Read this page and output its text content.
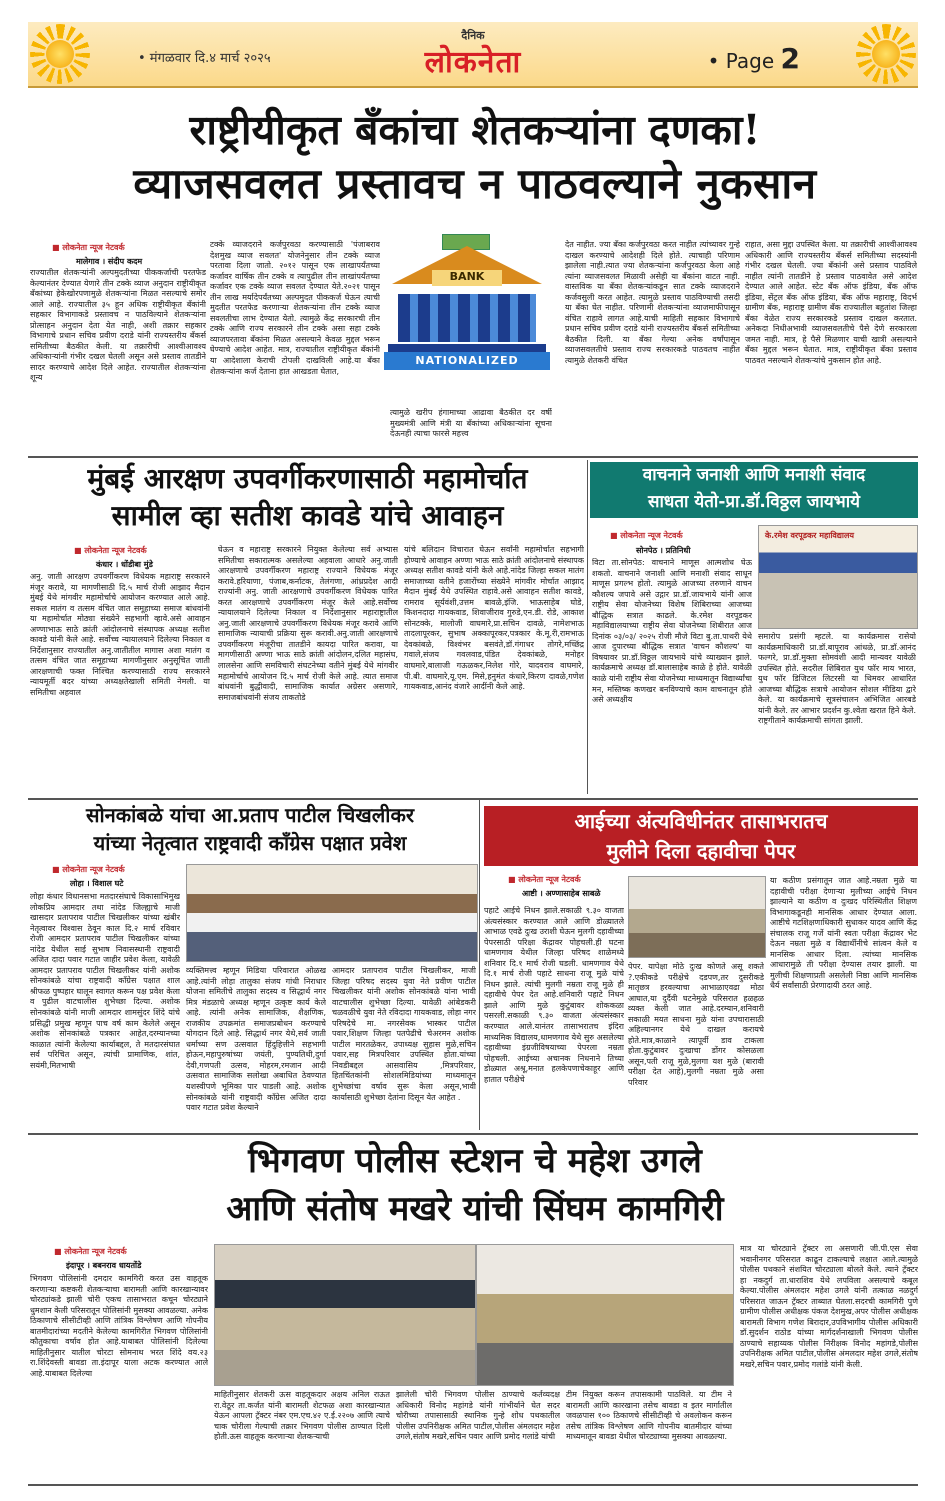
• मंगळवार दि.४ मार्च २०२५
दैनिक
लोकनेता	• Page 2
राष्ट्रीयीकृत बँकांचा शेतकऱ्यांना दणका!
व्याजसवलत प्रस्तावच न पाठवल्याने नुकसान
■ लोकनेता न्यूज नेटवर्क
मालेगाव । संदीप कदम
राज्यातील शेतकऱ्यांनी अल्पमुदतीच्या पीककर्जाची परतफेड केल्यानंतर देण्यात येणारे तीन टक्के व्याज अनुदान राष्ट्रीयीकृत बँकांच्या हेकेखोरपणामुळे शेतकऱ्यांना मिळत नसल्याचे समोर आले आहे. राज्यातील ३५ हून अधिक राष्ट्रीयीकृत बँकांनी सहकार विभागाकडे प्रस्तावच न पाठविल्याने शेतकऱ्यांना प्रोत्साहन अनुदान देता येत नाही, अशी तक्रार सहकार विभागाचे प्रधान सचिव प्रवीण दराडे यांनी राज्यस्तरीय बँकर्स समितीच्या बैठकीत केली. या तक्रारीची आश्वीआवश्य अधिकाऱ्यांनी गंभीर दखल घेतली असून असे प्रस्ताव तातडीने सादर करण्याचे आदेश दिले आहेत. राज्यातील शेतकऱ्यांना शून्य
टक्के व्याजदराने कर्जपुरवठा करण्यासाठी 'पंजाबराव देशमुख व्याज सवलत' योजनेनुसार तीन टक्के व्याज परतावा दिला जातो. २०१२ पासून एक लाखापर्यंतच्या कर्जावर वार्षिक तीन टक्के व त्यापुढील तीन लाखांपर्यंतच्या कर्जावर एक टक्के व्याज सवलत देण्यात येते.२०२१ पासून तीन लाख मर्यादेपर्यंतच्या अल्पमुदत पीककर्ज घेऊन त्याची मुदतीत परतफेड करणाऱ्या शेतकऱ्यांना तीन टक्के व्याज सवलतीचा लाभ देण्यात येतो. त्यामुळे केंद्र सरकारची तीन टक्के आणि राज्य सरकारने तीन टक्के असा सहा टक्के व्याजपरतावा बँकांना मिळत असल्याने केवळ मुद्दल भरून घेण्याचे आदेश आहेत. मात्र, राज्यातील राष्ट्रीयीकृत बँकांनी या आदेशाला केराची टोपली दाखविली आहे.या बँका शेतकऱ्यांना कर्ज देताना हात आखडता घेतात,
BANK
NATIONALIZED
त्यामुळे खरीप हंगामाच्या आढावा बैठकीत दर वर्षी मुख्यमंत्री आणि मंत्री या बँकांच्या अधिकाऱ्यांना सूचना देऊनही त्याचा फारसे महत्त्व
देत नाहीत. ज्या बँका कर्जपुरवठा करत नाहीत त्यांच्यावर गुन्हे दाखल करण्याचे आदेशही दिले होते. त्याचाही परिणाम झालेला नाही.त्यात ज्या शेतकऱ्यांना कर्जपुरवठा केला आहे त्यांना व्याजसवलत मिळावी असेही या बँकांना वाटत नाही. वास्तविक या बँका शेतकऱ्यांकडून सात टक्के व्याजदराने कर्जवसुली करत आहेत. त्यामुळे प्रस्ताव पाठविण्याची तसदी या बँका घेत नाहीत. परिणामी शेतकऱ्यांना व्याजमाफीपासून वंचित राहावे लागत आहे.याची माहिती सहकार विभागाचे प्रधान सचिव प्रवीण दराडे यांनी राज्यस्तरीय बँकर्स समितीच्या बैठकीत दिली. या बँका गेल्या अनेक वर्षांपासून व्याजसवलतीचे प्रस्ताव राज्य सरकारकडे पाठवतच नाहीत त्यामुळे शेतकरी वंचित
राहात, असा मुद्दा उपस्थित केला. या तक्रारीची आश्वीआवश्य अधिकारी आणि राज्यस्तरीय बँकर्स समितीच्या सदस्यांनी गंभीर दखल घेतली. ज्या बँकांनी असे प्रस्ताव पाठविले नाहीत त्यांनी तातडीने हे प्रस्ताव पाठवावेत असे आदेश देण्यात आले आहेत. स्टेट बँक ऑफ इंडिया, बँक ऑफ इंडिया, सेंट्रल बँक ऑफ इंडिया, बँक ऑफ महाराष्ट्र, विदर्भ ग्रामीण बँक, महाराष्ट्र ग्रामीण बँक राज्यातील बहुतांश जिल्हा बँका वेळेत राज्य सरकारकडे प्रस्ताव दाखल करतात. अनेकदा निधीअभावी व्याजसवलतीचे पैसे देणे सरकारला जमत नाही. मात्र, हे पैसे मिळणार याची खात्री असल्याने बँका मुद्दल भरून घेतात. मात्र, राष्ट्रीयीकृत बँका प्रस्ताव पाठवत नसल्याने शेतकऱ्यांचे नुकसान होत आहे.
मुंबई आरक्षण उपवर्गीकरणासाठी महामोर्चात
सामील व्हा सतीश कावडे यांचे आवाहन
■ लोकनेता न्यूज नेटवर्क
कंधार । धोंडीबा मुंडे
अनु. जाती आरक्षण उपवर्गीकरण विधेयक महाराष्ट्र सरकारने मंजूर करावे, या मागणीसाठी दि.५ मार्च रोजी आझाद मैदान मुंबई येथे मांगवीर महामोर्चाचे आयोजन करण्यात आले आहे. सकल मातंग व तत्सम वंचित जात समूहाच्या समाज बांधवांनी या महामोर्चात मोठ्या संख्येने सहभागी व्हावे.असे आवाहन अण्णाभाऊ साठे क्रांती आंदोलनाचे संस्थापक अध्यक्ष सतीश कावडे यांनी केले आहे. सर्वोच्च न्यायालयाने दिलेल्या निकाल व निर्देशानुसार राज्यातील अनु.जातीतील मागास अशा मातंग व तत्सम वंचित जात समूहाच्या मागणीनुसार अनुसूचित जाती आरक्षणाची फक्त निश्चित करण्यासाठी राज्य सरकारने न्यायमूर्ती बदर यांच्या अध्यक्षतेखाली समिती नेमली. या समितीचा अहवाल
घेऊन व महाराष्ट्र सरकारने नियुक्त केलेल्या सर्व अभ्यास समितीचा सकारात्मक असलेल्या अहवाला आधारे अनु.जाती आरक्षणाचे उपवर्गीकरण महाराष्ट्र राज्याने विधेयक मंजूर करावे.हरियाणा, पंजाब,कर्नाटक, तेलंगणा, आंध्रप्रदेश आदी राज्यांनी अनु. जाती आरक्षणाचे उपवर्गीकरण विधेयक पारित करत आरक्षणाचे उपवर्गीकरण मंजूर केले आहे.सर्वोच्च न्यायालयाने दिलेल्या निकाल व निर्देशानुसार महाराष्ट्रातील अनु.जाती आरक्षणाचे उपवर्गीकरण विधेयक मंजूर करावे आणि सामाजिक न्यायाची प्रक्रिया सुरू करावी.अनु.जाती आरक्षणाचे उपवर्गीकरण मंजूरीचा तातडीने कायदा पारित करावा, या मागणीसाठी अण्णा भाऊ साठे क्रांती आंदोलन,दलित महासंघ, लालसेना आणि समविचारी संघटनेच्या वतीने मुंबई येथे मांगवीर महामोर्चाचे आयोजन दि.५ मार्च रोजी केले आहे. त्यात समाज बांधवांनी बुद्धीवादी, सामाजिक कार्यात अग्रेसर असणारे, समाजबांधवांनी संजय ताकतोडे
यांचे बलिदान विचारात घेऊन सर्वांनी महामोर्चात सहभागी होण्याचे आवाहन अण्णा भाऊ साठे क्रांती आंदोलनाचे संस्थापक अध्यक्ष सतीश कावडे यांनी केले आहे.नांदेड जिल्हा सकल मातंग समाजाच्या वतीने हजारोंच्या संख्येने मांगवीर मोर्चात आझाद मैदान मुंबई येथे उपस्थित राहावे.असे आवाहन सतीश कावडे, रामराव सूर्यवंशी,उत्तम बावळे,इंजि. भाऊसाहेब घोडे, किशनदादा गायकवाड, शिवाजीराव गुरुडे,एन.डी. रोडे, आकाश सोनटक्के, मालोजी वाघमारे,प्रा.सचिन दावळे, नामेशभाऊ तादलापूरकर, सुभाष अक्कापूरकर,पत्रकार के.मू.री,रामभाऊ देवकांबळे, विश्वंभर बसवंते,डॉ.गंगाधर तोगरे,मच्छिंद्र गवाले,संजय गवलवाड,पंडित देवकांबळे, मनोहर वाघमारे,बालाजी गऊळकर,निलेश गोरे, यादवराव वाघमारे, पी.बी. वाघमारे,यू.एम. मिसे,हनुमंत कंधारे,किरण दावळे,गणेश गायकवाड,आनंद वंजारे आदींनी केले आहे.
वाचनाने जनाशी आणि मनाशी संवाद
साधता येतो-प्रा.डॉ.विठ्ठल जायभाये
■ लोकनेता न्यूज नेटवर्क
सोनपेठ । प्रतिनिधी
विटा ता.सोनपेठ: वाचनाने माणूस आत्मशोध घेऊ शकतो. वाचनाने जनाशी आणि मनाशी संवाद साधून माणूस प्रगल्भ होतो. त्यामुळे आजच्या तरुणाने वाचन कौशल्य जपावे असे उद्गार प्रा.डॉ.जायभाये यांनी आज राष्ट्रीय सेवा योजनेच्या विशेष शिबिराच्या आजच्या बौद्धिक सत्रात काढले. के.रमेश वरपूडकर महाविद्यालयाच्या राष्ट्रीय सेवा योजनेच्या शिबीरात आज दिनांक ०३/०३/ २०२५ रोजी मौजे विटा बु.ता.पाथरी येथे आज दुपारच्या बौद्धिक सत्रात 'वाचन कौशल्य' या विषयावर प्रा.डॉ.विठ्ठल जायभाये यांचे व्याख्यान झाले. कार्यक्रमाचे अध्यक्ष डॉ.बालासाहेब काळे हे होते. यावेळी काळे यांनी राष्ट्रीय सेवा योजनेच्या माध्यमातून विद्यार्थ्यांचा मन, मस्तिष्क कणखर बनविण्याचे काम वाचनातून होते असे अध्यक्षीय
के.रमेश वरपूडकर महाविद्यालय
समारोप प्रसंगी म्हटले. या कार्यक्रमास रासेयो कार्यक्रमाधिकारी प्रा.डॉ.बापूराव आंधळे, प्रा.डॉ.आनंद फल्गरे, प्रा.डॉ.मुक्ता सोमवंशी आदी मान्यवर यावेळी उपस्थित होते. सदरील शिबिरात युथ फॉर माय भारत, युथ फॉर डिजिटल लिटरसी या थिमवर आधारित आजच्या बौद्धिक सत्राचे आयोजन सोशल मीडिया द्वारे केले. या कार्यक्रमाचे सूत्रसंचालन अभिजित आरबडे यांनी केले. तर आभार प्रदर्शन कु.श्वेता खरात हिने केले. राष्ट्रगीताने कार्यक्रमाची सांगता झाली.
सोनकांबळे यांचा आ.प्रताप पाटील चिखलीकर
यांच्या नेतृत्वात राष्ट्रवादी काँग्रेस पक्षात प्रवेश
■ लोकनेता न्यूज नेटवर्क
लोहा । विशाल घटे
लोहा कंधार विधानसभा मतदारसंघाचे विकासाभिमुख लोकप्रिय आमदार तथा नांदेड जिल्ह्याचे माजी खासदार प्रतापराव पाटील चिखलीकर यांच्या खंबीर नेतृत्वावर विश्वास ठेवून काल दि.२ मार्च रविवार रोजी आमदार प्रतापराव पाटील चिखलीकर यांच्या नांदेड येथील साई सुभाष निवासस्थानी राष्ट्रवादी अजित दादा पवार गटात जाहीर प्रवेश केला, यावेळी आमदार प्रतापराव पाटील चिखलीकर यांनी अशोक सोनकांबळे यांचा राष्ट्रवादी काँग्रेस पक्षात शाल श्रीफळ पुष्पहार घालून स्वागत करून पक्ष प्रवेश केला व पुढील वाटचालीस शुभेच्छा दिल्या. अशोक सोनकांबळे यांनी माजी आमदार शामसुंदर शिंदे यांचे प्रसिद्धी प्रमुख म्हणून पाच वर्ष काम केलेले असून अशोक सोनकांबळे पत्रकार आहेत,दरम्यानच्या काळात त्यांनी केलेल्या कार्याबद्दल, ते मतदारसंघात सर्व परिचित असून, त्यांची प्रामाणिक, शांत, सयंमी,मितभाषी
व्यक्तिमत्त्व म्हणून मिडिया परिवारात ओळख आहे.त्यांनी लोहा तालुका संजय गांधी निराधार योजना समितीचे तालुका सदस्य व सिद्धार्थ नगर मित्र मंडळाचे अध्यक्ष म्हणून उत्कृष्ट कार्य केले आहे. त्यांनी अनेक सामाजिक, शैक्षणिक, राजकीय उपक्रमांत समाजप्रबोधन करण्याचे योगदान दिले आहे. सिद्धार्थ नगर येथे,सर्व जाती धर्माच्या सण उत्सवात हिंदुहित्तीने सहभागी होऊन,महापुरुषांच्या जयंती, पुण्यतिथी,दुर्गा देवी,गणपती उत्सव, मोहरम,रमजान आदी उत्सवात सामाजिक सलोखा अबाधित ठेवण्यात यशस्वीपणे भूमिका पार पाडली आहे. अशोक सोनकांबळे यांनी राष्ट्रवादी काँग्रेस अजित दादा पवार गटात प्रवेश केल्याने
आमदार प्रतापराव पाटील चिखलीकर, माजी जिल्हा परिषद सदस्य युवा नेते प्रवीण पाटील चिखलीकर यांनी अशोक सोनकांबळे यांना भावी वाटचालीस शुभेच्छा दिल्या. यावेळी आंबेडकरी चळवळीचे युवा नेते रविदादा गायकवाड, लोहा नगर परिषदेचे मा. नगरसेवक भास्कर पाटील पवार,शिक्षण जिल्हा पतपेढीचे चेअरमन अशोक पाटील मारतळेकर, उपाध्यक्ष सुहास मुळे,सचिन पवार,सह मित्रपरिवार उपस्थित होता.यांच्या निवडीबद्दल आसवासिय ,मित्रपरिवार, हितचिंतकांनी सोशलमिडियांच्या माध्यमातून शुभेच्छांचा वर्षाव सुरू केला असून,भावी कार्यासाठी शुभेच्छा देतांना दिसून येत आहेत .
आईच्या अंत्यविधीनंतर तासाभरातच
मुलीने दिला दहावीचा पेपर
■ लोकनेता न्यूज नेटवर्क
आष्टी । अण्णासाहेब साबळे
पहाटे आईचे निधन झाले.सकाळी ९.३० वाजता अंत्यसंस्कार करण्यात आले आणि डोळ्यातले आभाळ एवढे दुःख उराशी घेऊन मुलगी दहावीच्या पेपरसाठी परिक्षा केंद्रावर पोहचली.ही घटना धामणगाव येथील जिल्हा परिषद शाळेमध्ये शनिवार दि.१ मार्च रोजी घडली. धामणगाव येथे दि.१ मार्च रोजी पहाटे साधना राजू मुळे यांचे निधन झाले. त्यांची मुलगी नम्रता राजू मुळे ही दहावीचे पेपर देत आहे.शनिवारी पहाटे निधन झाले आणि मुळे कुटुंबावर शोककळा पसरली.सकाळी ९.३० वाजता अंत्यसंस्कार करण्यात आले.यानंतर तासाभरातच इंदिरा माध्यमिक विद्यालय,धामणगाव येथे सुरु असलेल्या दहावीच्या इंग्रजीविषयाच्या पेपरला नम्रता पोहचली. आईच्या अचानक निधनाने तिच्या डोळ्यात अश्रू,मनात हलकेपणाचेकाहूर आणि हातात परीक्षेचे
पेपर. यापेक्षा मोठे दुःख कोणते असू शकते ?.एकीकडे परीक्षेचे दडपण,तर दुसरीकडे मातृछत्र हरवल्याचा आभाळाएवढा मोठा आघात,या दुर्दैवी घटनेमुळे परिसरात हळहळ व्यक्त केली जात आहे.दरम्यान,शनिवारी सकाळी मयत साधना मुळे यांना उपचारासाठी अहिल्यानगर येथे दाखल करायचे होते.मात्र,काळाने त्यापूर्वी डाव टाकला होता.कुटुंबावर दुःखाचा डोंगर कोसळला असून,पती राजू मुळे,मुलगा यश मुळे (बारावी परीक्षा देत आहे),मुलगी नम्रता मुळे असा परिवार
या कठीण प्रसंगातून जात आहे.नम्रता मुळे या दहावीची परीक्षा देणाऱ्या मुलीच्या आईचे निधन झाल्याने या कठीण व दुःखद परिस्थितीत शिक्षण विभागाकडूनही मानसिक आधार देण्यात आला. आष्टीचे गटशिक्षणाधिकारी सुधाकर यादव आणि केंद्र संचालक राजू गर्जे यांनी स्वतः परीक्षा केंद्रावर भेट देऊन नम्रता मुळे व विद्यार्थीनीचे सांत्वन केले व मानसिक आधार दिला. त्यांच्या मानसिक आधारामुळे ती परीक्षा देण्यास तयार झाली. या मुलीची शिक्षणाप्रती असलेली निष्ठा आणि मानसिक धैर्य सर्वांसाठी प्रेरणादायी ठरत आहे.
भिगवण पोलीस स्टेशन चे महेश उगले
आणि संतोष मखरे यांची सिंघम कामगिरी
■ लोकनेता न्यूज नेटवर्क
इंदापूर । बबनराव धायतोंडे
भिगवण पोलिसांनी दमदार कामगिरी करत उस वाहतूक करणाऱ्या कष्टकरी शेतकऱ्याचा बारामती आणि कारखान्यावर चोरट्यांकडे झाली चोरी एकच तासाभरात कचून चोरट्याने धुमशान केली परिसरातून पोलिसांनी मुसक्या आवळल्या. अनेक ठिकाणाचे सीसीटीव्ही आणि तांत्रिक विश्लेषण आणि गोपनीय बातमीदारांच्या मदतीने केलेल्या कामगिरीत भिगवण पोलिसांनी कौतुकाचा वर्षाव होत आहे.याबाबत पोलिसांनी दिलेल्या माहितीनुसार यातील चोरटा सोमनाथ भरत शिंदे वय.२३ रा.शिंदेवस्ती बावडा ता.इंदापूर याला अटक करण्यात आले आहे.याबाबत दिलेल्या
माहितीनुसार शेतकरी ऊस वाहतूकदार अक्षय अनिल राऊत रा.वेठूर ता.कर्जत यांनी बारामती शेटफळ अशा कारखान्यात येऊन आपला ट्रॅक्टर नंबर एम.एच.४२ ए.ई.२२०७ आणि त्याचे चाक चोरीला गेल्याची तक्रार भिगवण पोलीस ठाण्यात दिली होती.ऊस वाहतूक करणाऱ्या शेतकऱ्याची
झालेली चोरी भिगवण पोलीस ठाण्याचे कर्तव्यदक्ष अधिकारी विनोद महांगडे यांनी गांभीर्याने घेत सदर चोरीच्या तपासासाठी स्थानिक गुन्हे शोध पथकातील पोलीस उपनिरीक्षक अमित पाटील,पोलीस अंमलदार महेश उगले,संतोष मखरे,सचिन पवार आणि प्रमोद गलांडे यांची
टीम नियुक्त करून तपासकामी पाठविले. या टीम ने बारामती आणि कारखाना तसेच बावडा व इतर मार्गातील जवळपास १०० ठिकाणचे सीसीटीव्ही चे अवलोकन करून तसेच तांत्रिक विश्लेषण आणि गोपनीय बातमीदार यांच्या माध्यमातून बावडा येथील चोरट्याच्या मुसक्या आवळल्या.
मात्र या चोरट्याने ट्रॅक्टर ला असणारी जी.पी.एस सेवा भवानीनगर परिसरात काढून टाकल्याचे लक्षात आले.त्यामुळे पोलीस पथकाने संशयित चोरट्याला बोलते केले. त्याने ट्रॅक्टर हा नकदुर्ग ता.धाराशिव येथे लपविला असल्याचे कबूल केल्या.पोलीस अंमलदार महेश उगले यांनी तत्काळ नळदुर्ग परिसरात जाऊन ट्रॅक्टर ताब्यात घेतला.सदरची कामगिरी पुणे ग्रामीण पोलीस अधीक्षक पंकज देशमुख,अपर पोलीस अधीक्षक बारामती विभाग गणेश बिरादार,उपविभागीय पोलीस अधिकारी डॉ.सुदर्शन राठोड यांच्या मार्गदर्शनाखाली भिगवण पोलीस ठाण्याचे सहाय्यक पोलीस निरीक्षक विनोद महांगडे,पोलीस उपनिरीक्षक अमित पाटील,पोलीस अंमलदार महेश उगले,संतोष मखरे,सचिन पवार,प्रमोद गलांडे यांनी केली.
